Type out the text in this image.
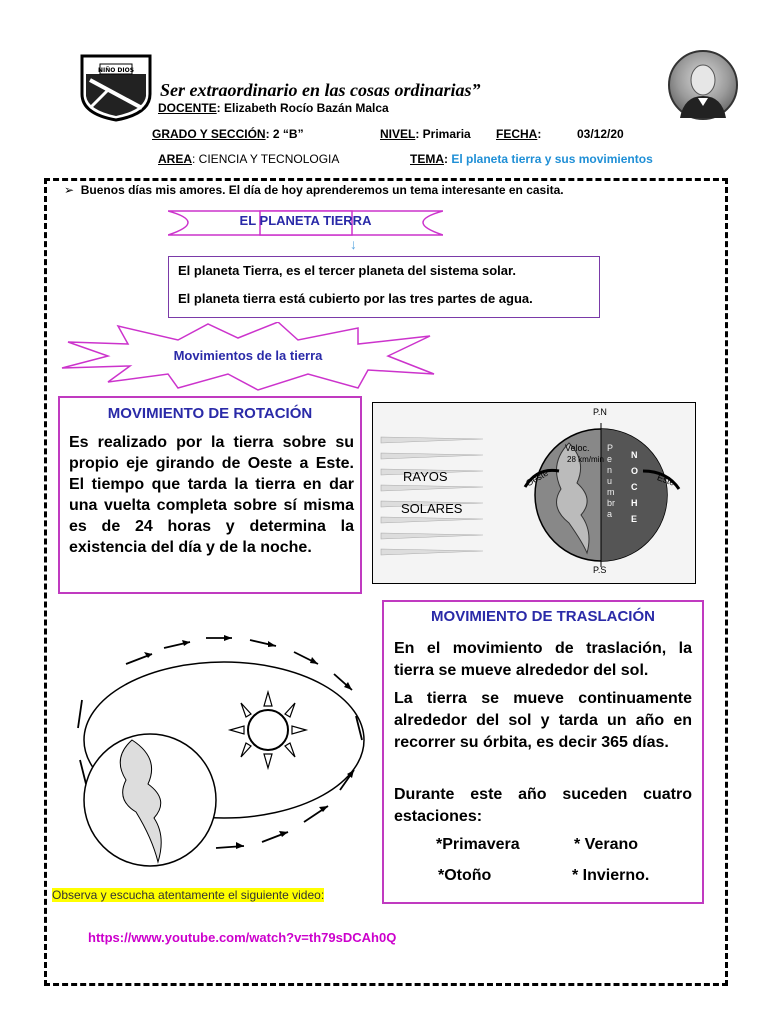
NIÑO DIOS
Ser extraordinario en las cosas ordinarias”
DOCENTE: Elizabeth Rocío Bazán Malca
GRADO Y SECCIÓN: 2 “B”	NIVEL: Primaria FECHA:	03/12/20
AREA: CIENCIA Y TECNOLOGIA	TEMA: El planeta tierra y sus movimientos
➢ Buenos días mis amores. El día de hoy aprenderemos un tema interesante en casita.
EL PLANETA TIERRA
↓
El planeta Tierra, es el tercer planeta del sistema solar.
El planeta tierra está cubierto por las tres partes de agua.
Movimientos de la tierra
MOVIMIENTO DE ROTACIÓN
Es realizado por la tierra sobre su propio eje girando de Oeste a Este. El tiempo que tarda la tierra en dar una vuelta completa sobre sí misma es de 24 horas y determina la existencia del día y de la noche.
RAYOS
SOLARES
P.N
P.S
Oeste	Este
Veloc.
28 km/min
Penumbra
NOCHE
MOVIMIENTO DE TRASLACIÓN
En el movimiento de traslación, la tierra se mueve alrededor del sol.
La tierra se mueve continuamente alrededor del sol y tarda un año en recorrer su órbita, es decir 365 días.
Durante este año suceden cuatro estaciones:
*Primavera	* Verano
*Otoño	* Invierno.
Observa y escucha atentamente el siguiente video:
https://www.youtube.com/watch?v=th79sDCAh0Q
